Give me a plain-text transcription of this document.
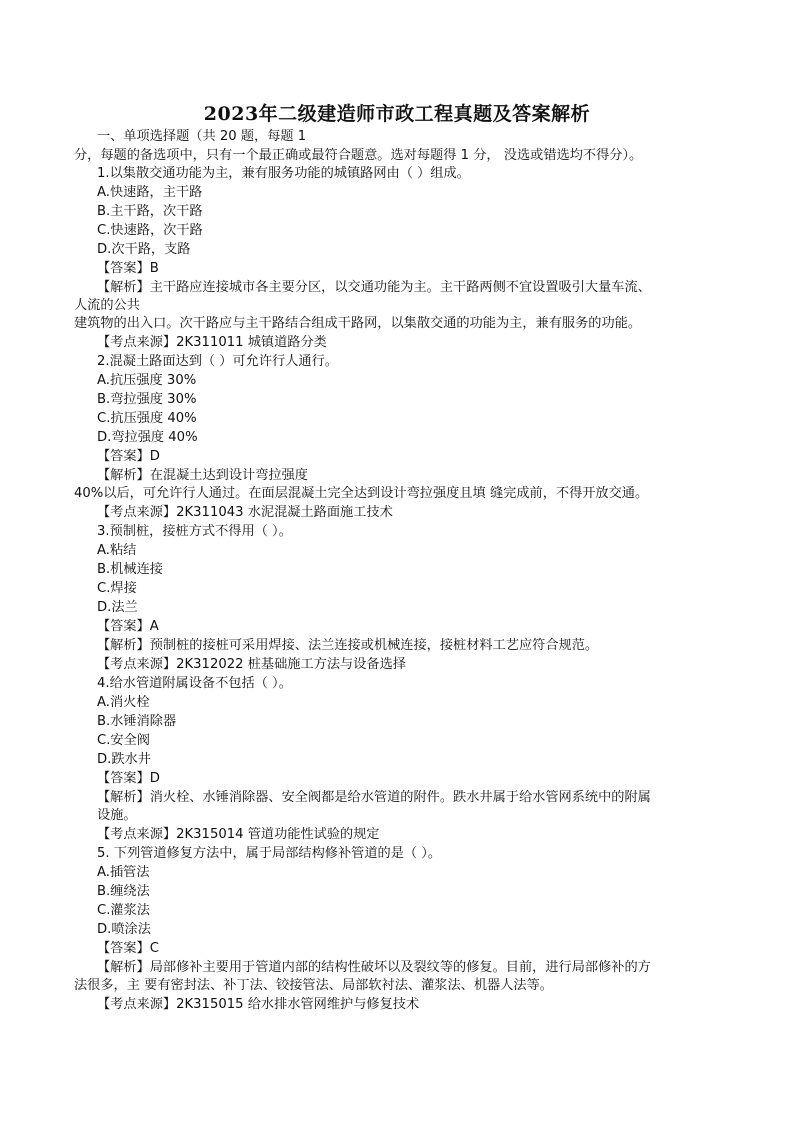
2023年二级建造师市政工程真题及答案解析
一、单项选择题（共 20 题，每题 1
分，每题的备选项中，只有一个最正确或最符合题意。选对每题得 1 分， 没选或错选均不得分）。
1.以集散交通功能为主，兼有服务功能的城镇路网由（ ）组成。
A.快速路，主干路
B.主干路，次干路
C.快速路，次干路
D.次干路，支路
【答案】B
【解析】主干路应连接城市各主要分区，以交通功能为主。主干路两侧不宜设置吸引大量车流、
人流的公共
建筑物的出入口。次干路应与主干路结合组成干路网，以集散交通的功能为主，兼有服务的功能。
【考点来源】2K311011 城镇道路分类
2.混凝土路面达到（ ）可允许行人通行。
A.抗压强度 30%
B.弯拉强度 30%
C.抗压强度 40%
D.弯拉强度 40%
【答案】D
【解析】在混凝土达到设计弯拉强度
40%以后，可允许行人通过。在面层混凝土完全达到设计弯拉强度且填 缝完成前，不得开放交通。
【考点来源】2K311043 水泥混凝土路面施工技术
3.预制桩，接桩方式不得用（ ）。
A.粘结
B.机械连接
C.焊接
D.法兰
【答案】A
【解析】预制桩的接桩可采用焊接、法兰连接或机械连接，接桩材料工艺应符合规范。
【考点来源】2K312022 桩基础施工方法与设备选择
4.给水管道附属设备不包括（ ）。
A.消火栓
B.水锤消除器
C.安全阀
D.跌水井
【答案】D
【解析】消火栓、水锤消除器、安全阀都是给水管道的附件。跌水井属于给水管网系统中的附属
设施。
【考点来源】2K315014 管道功能性试验的规定
5. 下列管道修复方法中，属于局部结构修补管道的是（ ）。
A.插管法
B.缠绕法
C.灌浆法
D.喷涂法
【答案】C
【解析】局部修补主要用于管道内部的结构性破坏以及裂纹等的修复。目前，进行局部修补的方
法很多，主 要有密封法、补丁法、铰接管法、局部软衬法、灌浆法、机器人法等。
【考点来源】2K315015 给水排水管网维护与修复技术
